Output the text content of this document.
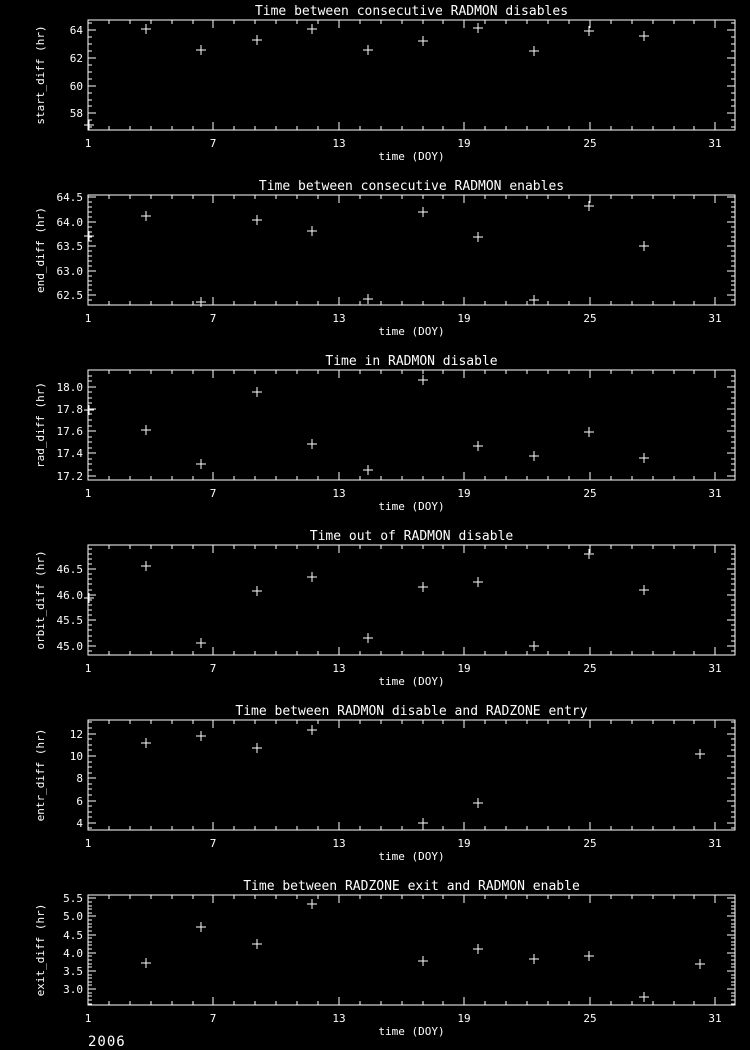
Time between consecutive RADMON disables
1	7	13	19	25	31
58
60
62
64
time (DOY)
start_diff (hr)
Time between consecutive RADMON enables
1	7	13	19	25	31
62.5
63.0
63.5
64.0
64.5
time (DOY)
end_diff (hr)
Time in RADMON disable
1	7	13	19	25	31
17.2
17.4
17.6
17.8
18.0
time (DOY)
rad_diff (hr)
Time out of RADMON disable
1	7	13	19	25	31
45.0
45.5
46.0
46.5
time (DOY)
orbit_diff (hr)
Time between RADMON disable and RADZONE entry
1	7	13	19	25	31
4
6
8
10
12
time (DOY)
entr_diff (hr)
Time between RADZONE exit and RADMON enable
1	7	13	19	25	31
3.0
3.5
4.0
4.5
5.0
5.5
time (DOY)
exit_diff (hr)
2006
